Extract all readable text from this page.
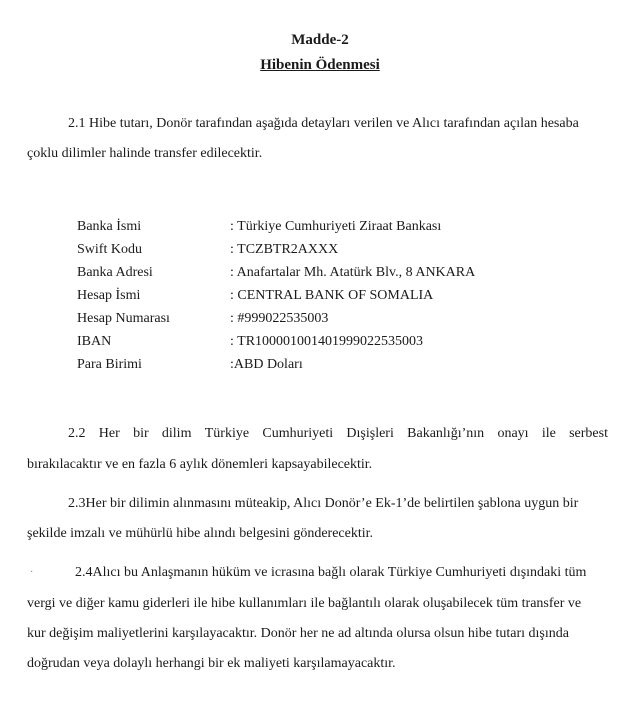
Madde-2
Hibenin Ödenmesi
2.1 Hibe tutarı, Donör tarafından aşağıda detayları verilen ve Alıcı tarafından açılan hesaba
çoklu dilimler halinde transfer edilecektir.
Banka İsmi	: Türkiye Cumhuriyeti Ziraat Bankası
Swift Kodu	: TCZBTR2AXXX
Banka Adresi	: Anafartalar Mh. Atatürk Blv., 8 ANKARA
Hesap İsmi	: CENTRAL BANK OF SOMALIA
Hesap Numarası	: #999022535003
IBAN	: TR100001001401999022535003
Para Birimi	:ABD Doları
2.2 Her bir dilim Türkiye Cumhuriyeti Dışişleri Bakanlığı’nın onayı ile serbest
bırakılacaktır ve en fazla 6 aylık dönemleri kapsayabilecektir.
2.3Her bir dilimin alınmasını müteakip, Alıcı Donör’e Ek-1’de belirtilen şablona uygun bir
şekilde imzalı ve mühürlü hibe alındı belgesini gönderecektir.
·	2.4Alıcı bu Anlaşmanın hüküm ve icrasına bağlı olarak Türkiye Cumhuriyeti dışındaki tüm
vergi ve diğer kamu giderleri ile hibe kullanımları ile bağlantılı olarak oluşabilecek tüm transfer ve
kur değişim maliyetlerini karşılayacaktır. Donör her ne ad altında olursa olsun hibe tutarı dışında
doğrudan veya dolaylı herhangi bir ek maliyeti karşılamayacaktır.
